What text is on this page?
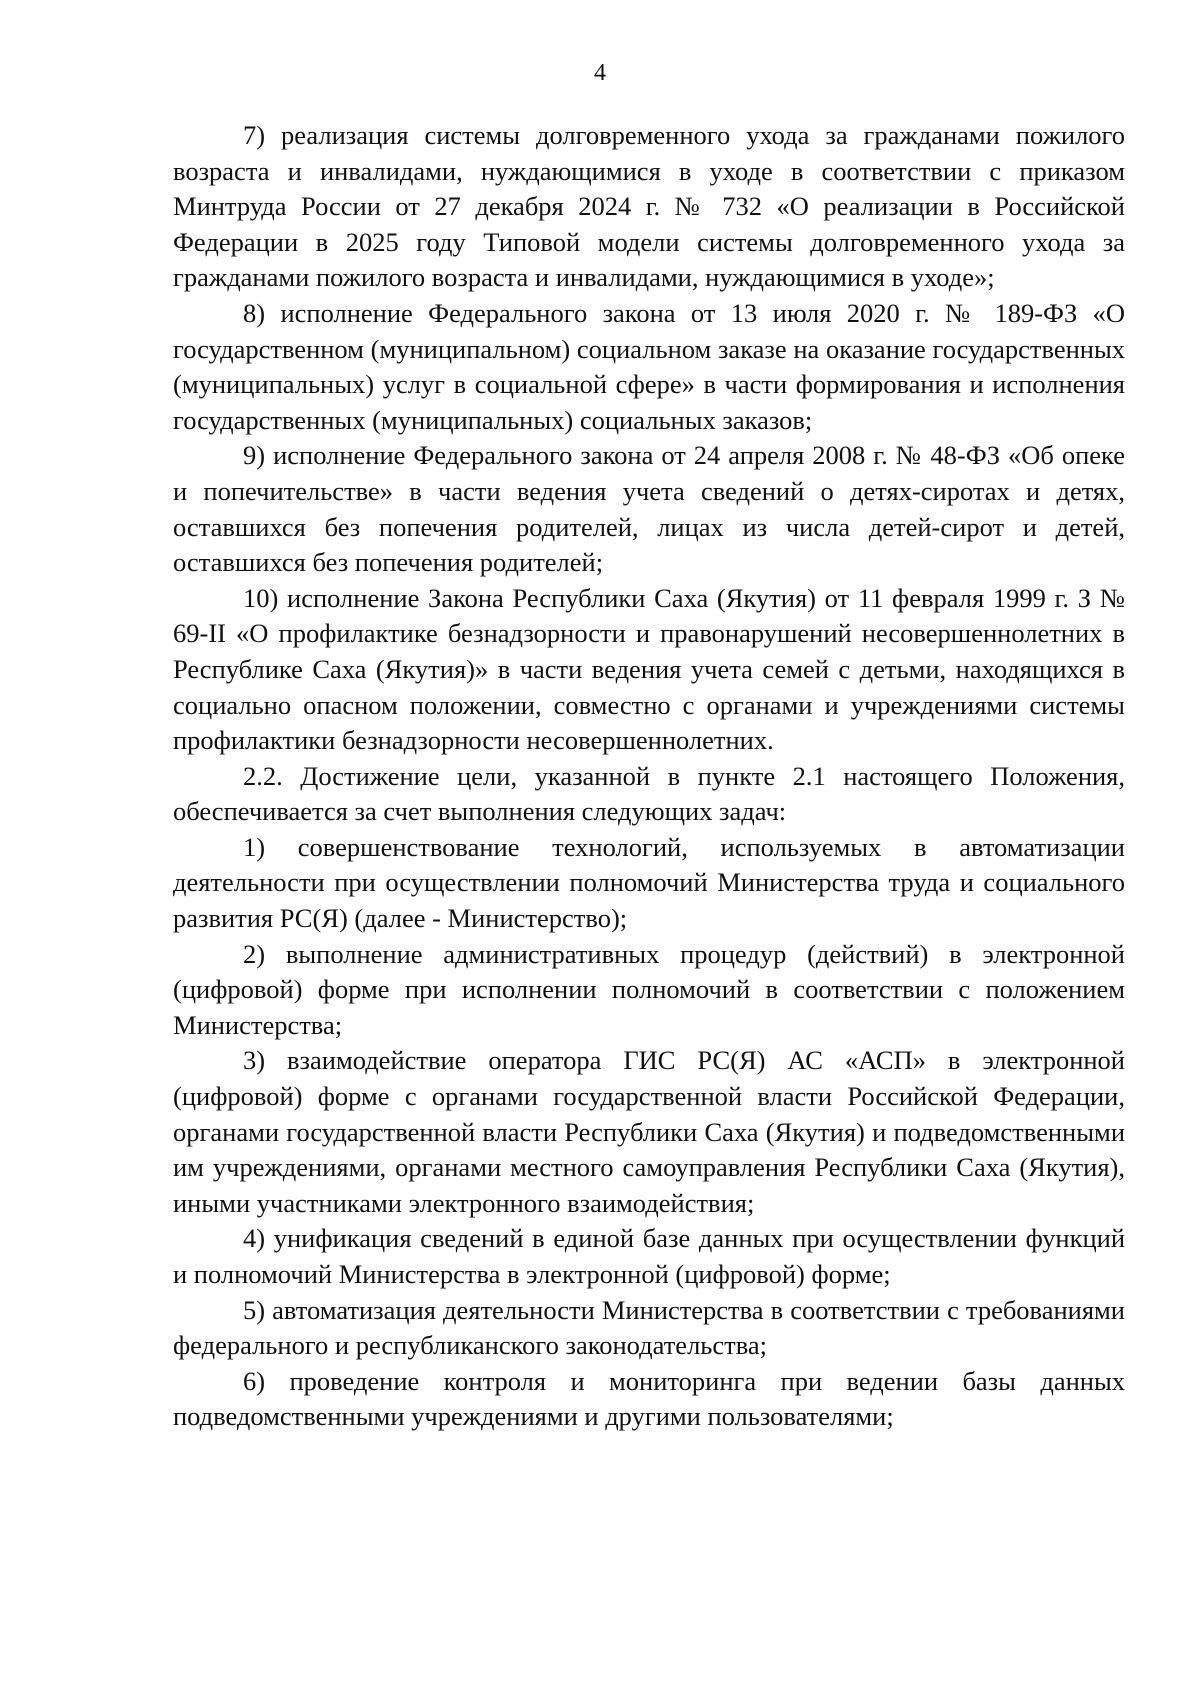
4

7) реализация системы долговременного ухода за гражданами пожилого возраста и инвалидами, нуждающимися в уходе в соответствии с приказом Минтруда России от 27 декабря 2024 г. № 732 «О реализации в Российской Федерации в 2025 году Типовой модели системы долговременного ухода за гражданами пожилого возраста и инвалидами, нуждающимися в уходе»;

8) исполнение Федерального закона от 13 июля 2020 г. № 189-ФЗ «О государственном (муниципальном) социальном заказе на оказание государственных (муниципальных) услуг в социальной сфере» в части формирования и исполнения государственных (муниципальных) социальных заказов;

9) исполнение Федерального закона от 24 апреля 2008 г. № 48-ФЗ «Об опеке и попечительстве» в части ведения учета сведений о детях-сиротах и детях, оставшихся без попечения родителей, лицах из числа детей-сирот и детей, оставшихся без попечения родителей;

10) исполнение Закона Республики Саха (Якутия) от 11 февраля 1999 г. З № 69-II «О профилактике безнадзорности и правонарушений несовершеннолетних в Республике Саха (Якутия)» в части ведения учета семей с детьми, находящихся в социально опасном положении, совместно с органами и учреждениями системы профилактики безнадзорности несовершеннолетних.

2.2. Достижение цели, указанной в пункте 2.1 настоящего Положения, обеспечивается за счет выполнения следующих задач:

1) совершенствование технологий, используемых в автоматизации деятельности при осуществлении полномочий Министерства труда и социального развития РС(Я) (далее - Министерство);

2) выполнение административных процедур (действий) в электронной (цифровой) форме при исполнении полномочий в соответствии с положением Министерства;

3) взаимодействие оператора ГИС РС(Я) АС «АСП» в электронной (цифровой) форме с органами государственной власти Российской Федерации, органами государственной власти Республики Саха (Якутия) и подведомственными им учреждениями, органами местного самоуправления Республики Саха (Якутия), иными участниками электронного взаимодействия;

4) унификация сведений в единой базе данных при осуществлении функций и полномочий Министерства в электронной (цифровой) форме;

5) автоматизация деятельности Министерства в соответствии с требованиями федерального и республиканского законодательства;

6) проведение контроля и мониторинга при ведении базы данных подведомственными учреждениями и другими пользователями;
